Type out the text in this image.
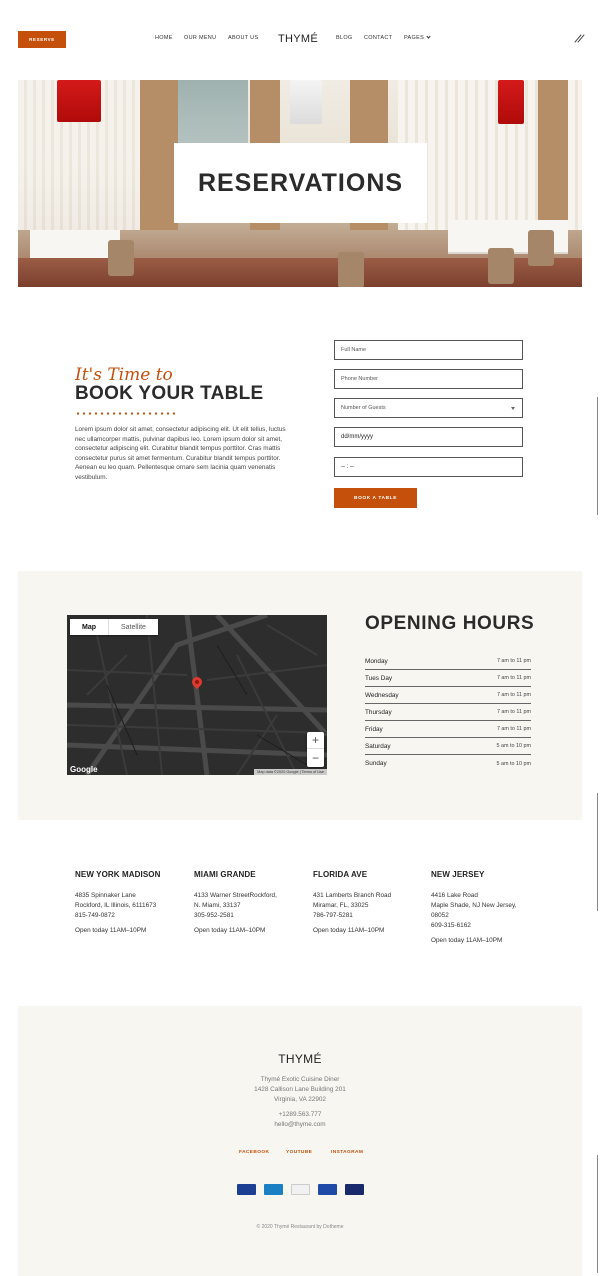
RESERVE	HOME OUR MENU ABOUT US THYMÉ	BLOG CONTACT PAGES
RESERVATIONS
It's Time to
BOOK YOUR TABLE

Lorem ipsum dolor sit amet, consectetur adipiscing elit. Ut elit tellus, luctus nec ullamcorper mattis, pulvinar dapibus leo. Lorem ipsum dolor sit amet, consectetur adipiscing elit. Curabitur blandit tempus porttitor. Cras mattis consectetur purus sit amet fermentum. Curabitur blandit tempus porttitor. Aenean eu leo quam. Pellentesque ornare sem lacinia quam venenatis vestibulum.

Full Name
Phone Number
Number of Guests
dd/mm/yyyy
-- : --
BOOK A TABLE
Map	Satellite
+
−
Google	Map data ©2020 Google | Terms of Use
OPENING HOURS
Monday	7 am to 11 pm
Tues Day	7 am to 11 pm
Wednesday	7 am to 11 pm
Thursday	7 am to 11 pm
Friday	7 am to 11 pm
Saturday	5 am to 10 pm
Sunday	5 am to 10 pm
NEW YORK MADISON
4835 Spinnaker Lane
Rockford, IL Illinois, 6111673
815-749-0872
Open today 11AM–10PM
MIAMI GRANDE
4133 Warner StreetRockford,
N. Miami, 33137
305-952-2581
Open today 11AM–10PM
FLORIDA AVE
431 Lamberts Branch Road
Miramar, FL, 33025
786-797-5281
Open today 11AM–10PM
NEW JERSEY
4416 Lake Road
Maple Shade, NJ New Jersey,
08052
609-315-6162
Open today 11AM–10PM
THYMÉ
Thymé Exotic Cuisine Diner
1428 Callison Lane Building 201
Virginia, VA 22902
+1289.563.777
hello@thyme.com
FACEBOOK	YOUTUBE	INSTAGRAM
© 2020 Thymé Restaurant by Dotheme
